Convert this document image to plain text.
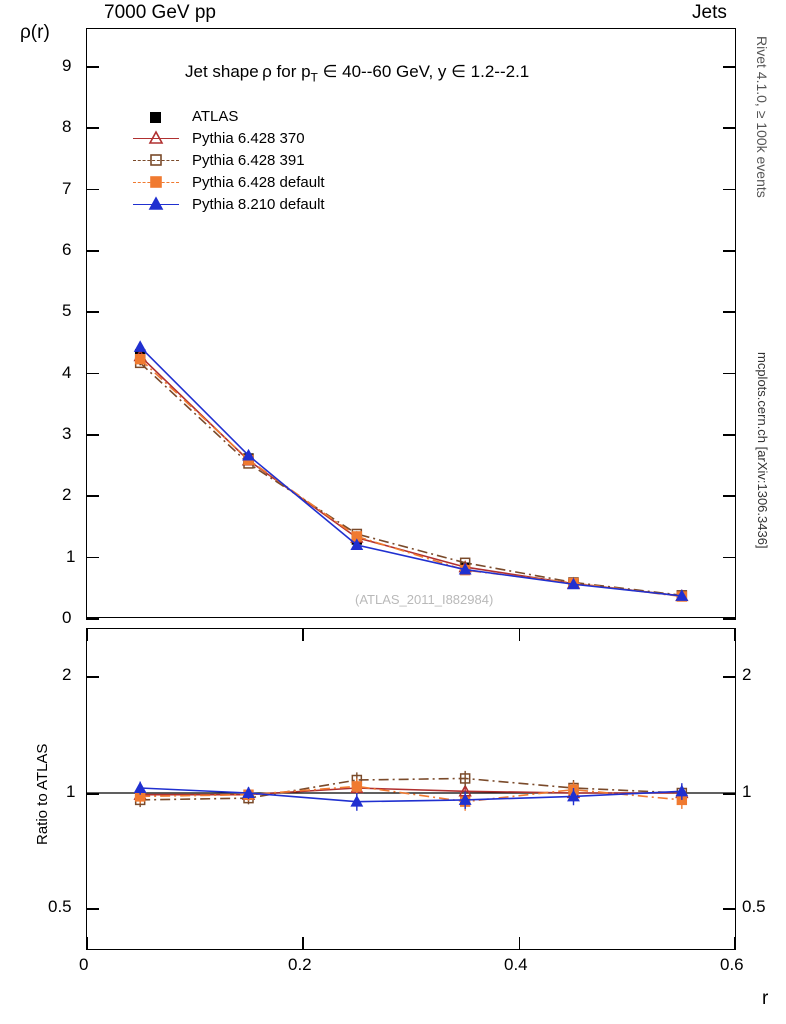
7000 GeV pp	Jets
Rivet 4.1.0, ≥ 100k events
mcplots.cern.ch [arXiv:1306.3436]
ρ(r)
r
Ratio to ATLAS
Jet shape ρ for $p_T$ ∈ 40--60 GeV, y ∈ 1.2--2.1
(ATLAS_2011_I882984)
0
1
2
3
4
5
6
7
8
9
0.5
1
2
0.5
1
2
0	0.2	0.4	0.6
ATLAS
Pythia 6.428 370
Pythia 6.428 391
Pythia 6.428 default
Pythia 8.210 default
